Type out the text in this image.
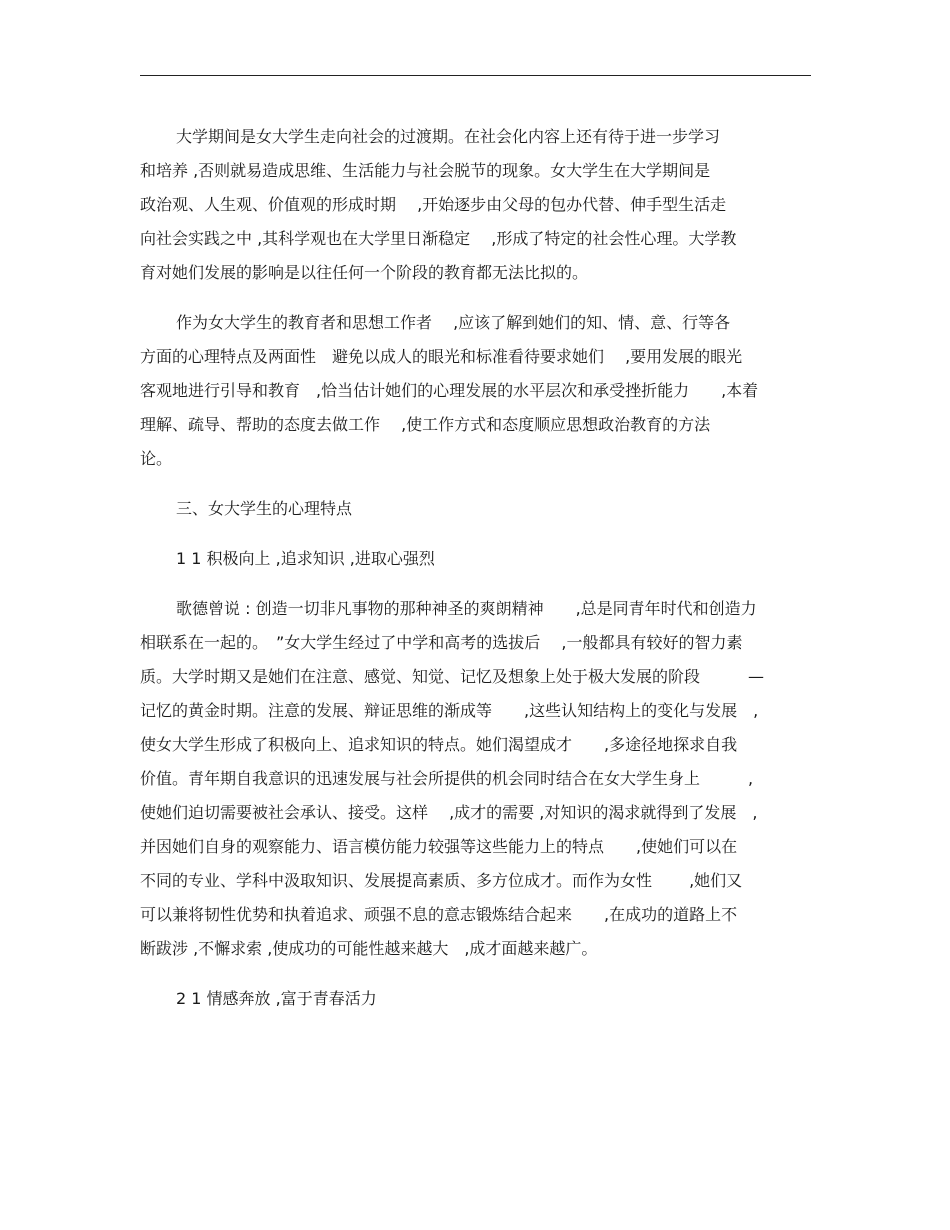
大学期间是女大学生走向社会的过渡期。在社会化内容上还有待于进一步学习
和培养 ,否则就易造成思维、生活能力与社会脱节的现象。女大学生在大学期间是
政治观、人生观、价值观的形成时期　 ,开始逐步由父母的包办代替、伸手型生活走
向社会实践之中 ,其科学观也在大学里日渐稳定　 ,形成了特定的社会性心理。大学教
育对她们发展的影响是以往任何一个阶段的教育都无法比拟的。
作为女大学生的教育者和思想工作者　 ,应该了解到她们的知、情、意、行等各
方面的心理特点及两面性　避免以成人的眼光和标准看待要求她们　 ,要用发展的眼光
客观地进行引导和教育　,恰当估计她们的心理发展的水平层次和承受挫折能力　　,本着
理解、疏导、帮助的态度去做工作　 ,使工作方式和态度顺应思想政治教育的方法
论。
三、女大学生的心理特点
1 1 积极向上 ,追求知识 ,进取心强烈
歌德曾说 : 创造一切非凡事物的那种神圣的爽朗精神　　,总是同青年时代和创造力
相联系在一起的。　”女大学生经过了中学和高考的选拔后　 ,一般都具有较好的智力素
质。大学时期又是她们在注意、感觉、知觉、记忆及想象上处于极大发展的阶段　　　—
记忆的黄金时期。注意的发展、辩证思维的渐成等　　,这些认知结构上的变化与发展　,
使女大学生形成了积极向上、追求知识的特点。她们渴望成才　　,多途径地探求自我
价值。青年期自我意识的迅速发展与社会所提供的机会同时结合在女大学生身上　　　,
使她们迫切需要被社会承认、接受。这样　 ,成才的需要 ,对知识的渴求就得到了发展　,
并因她们自身的观察能力、语言模仿能力较强等这些能力上的特点　　,使她们可以在
不同的专业、学科中汲取知识、发展提高素质、多方位成才。而作为女性　　 ,她们又
可以兼将韧性优势和执着追求、顽强不息的意志锻炼结合起来　　,在成功的道路上不
断跋涉 ,不懈求索 ,使成功的可能性越来越大　,成才面越来越广。
2 1 情感奔放 ,富于青春活力
